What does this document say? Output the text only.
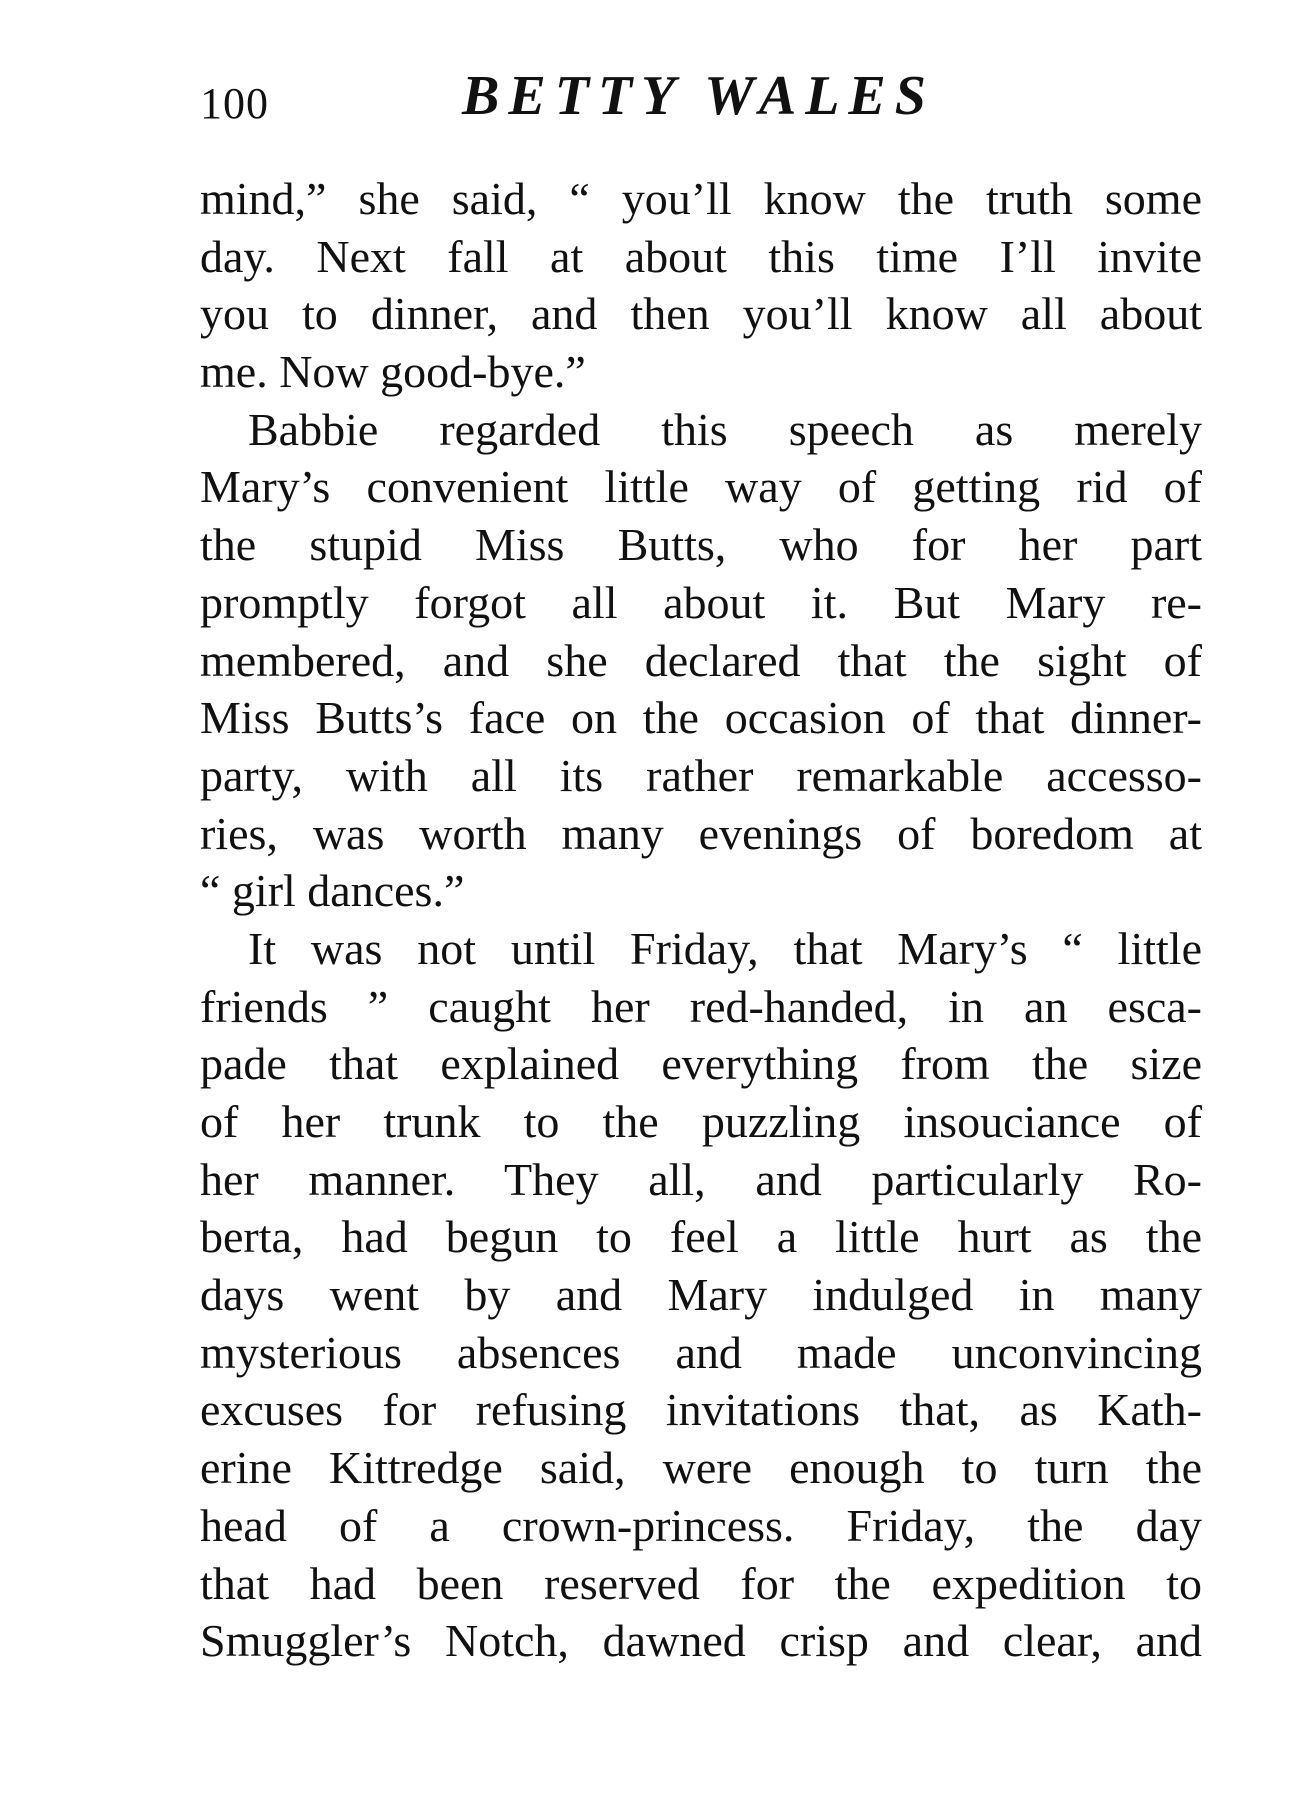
100	BETTY WALES
mind,” she said, “ you’ll know the truth some
day. Next fall at about this time I’ll invite
you to dinner, and then you’ll know all about
me. Now good-bye.”
Babbie regarded this speech as merely
Mary’s convenient little way of getting rid of
the stupid Miss Butts, who for her part
promptly forgot all about it. But Mary re-
membered, and she declared that the sight of
Miss Butts’s face on the occasion of that dinner-
party, with all its rather remarkable accesso-
ries, was worth many evenings of boredom at
“ girl dances.”
It was not until Friday, that Mary’s “ little
friends ” caught her red-handed, in an esca-
pade that explained everything from the size
of her trunk to the puzzling insouciance of
her manner. They all, and particularly Ro-
berta, had begun to feel a little hurt as the
days went by and Mary indulged in many
mysterious absences and made unconvincing
excuses for refusing invitations that, as Kath-
erine Kittredge said, were enough to turn the
head of a crown-princess. Friday, the day
that had been reserved for the expedition to
Smuggler’s Notch, dawned crisp and clear, and
